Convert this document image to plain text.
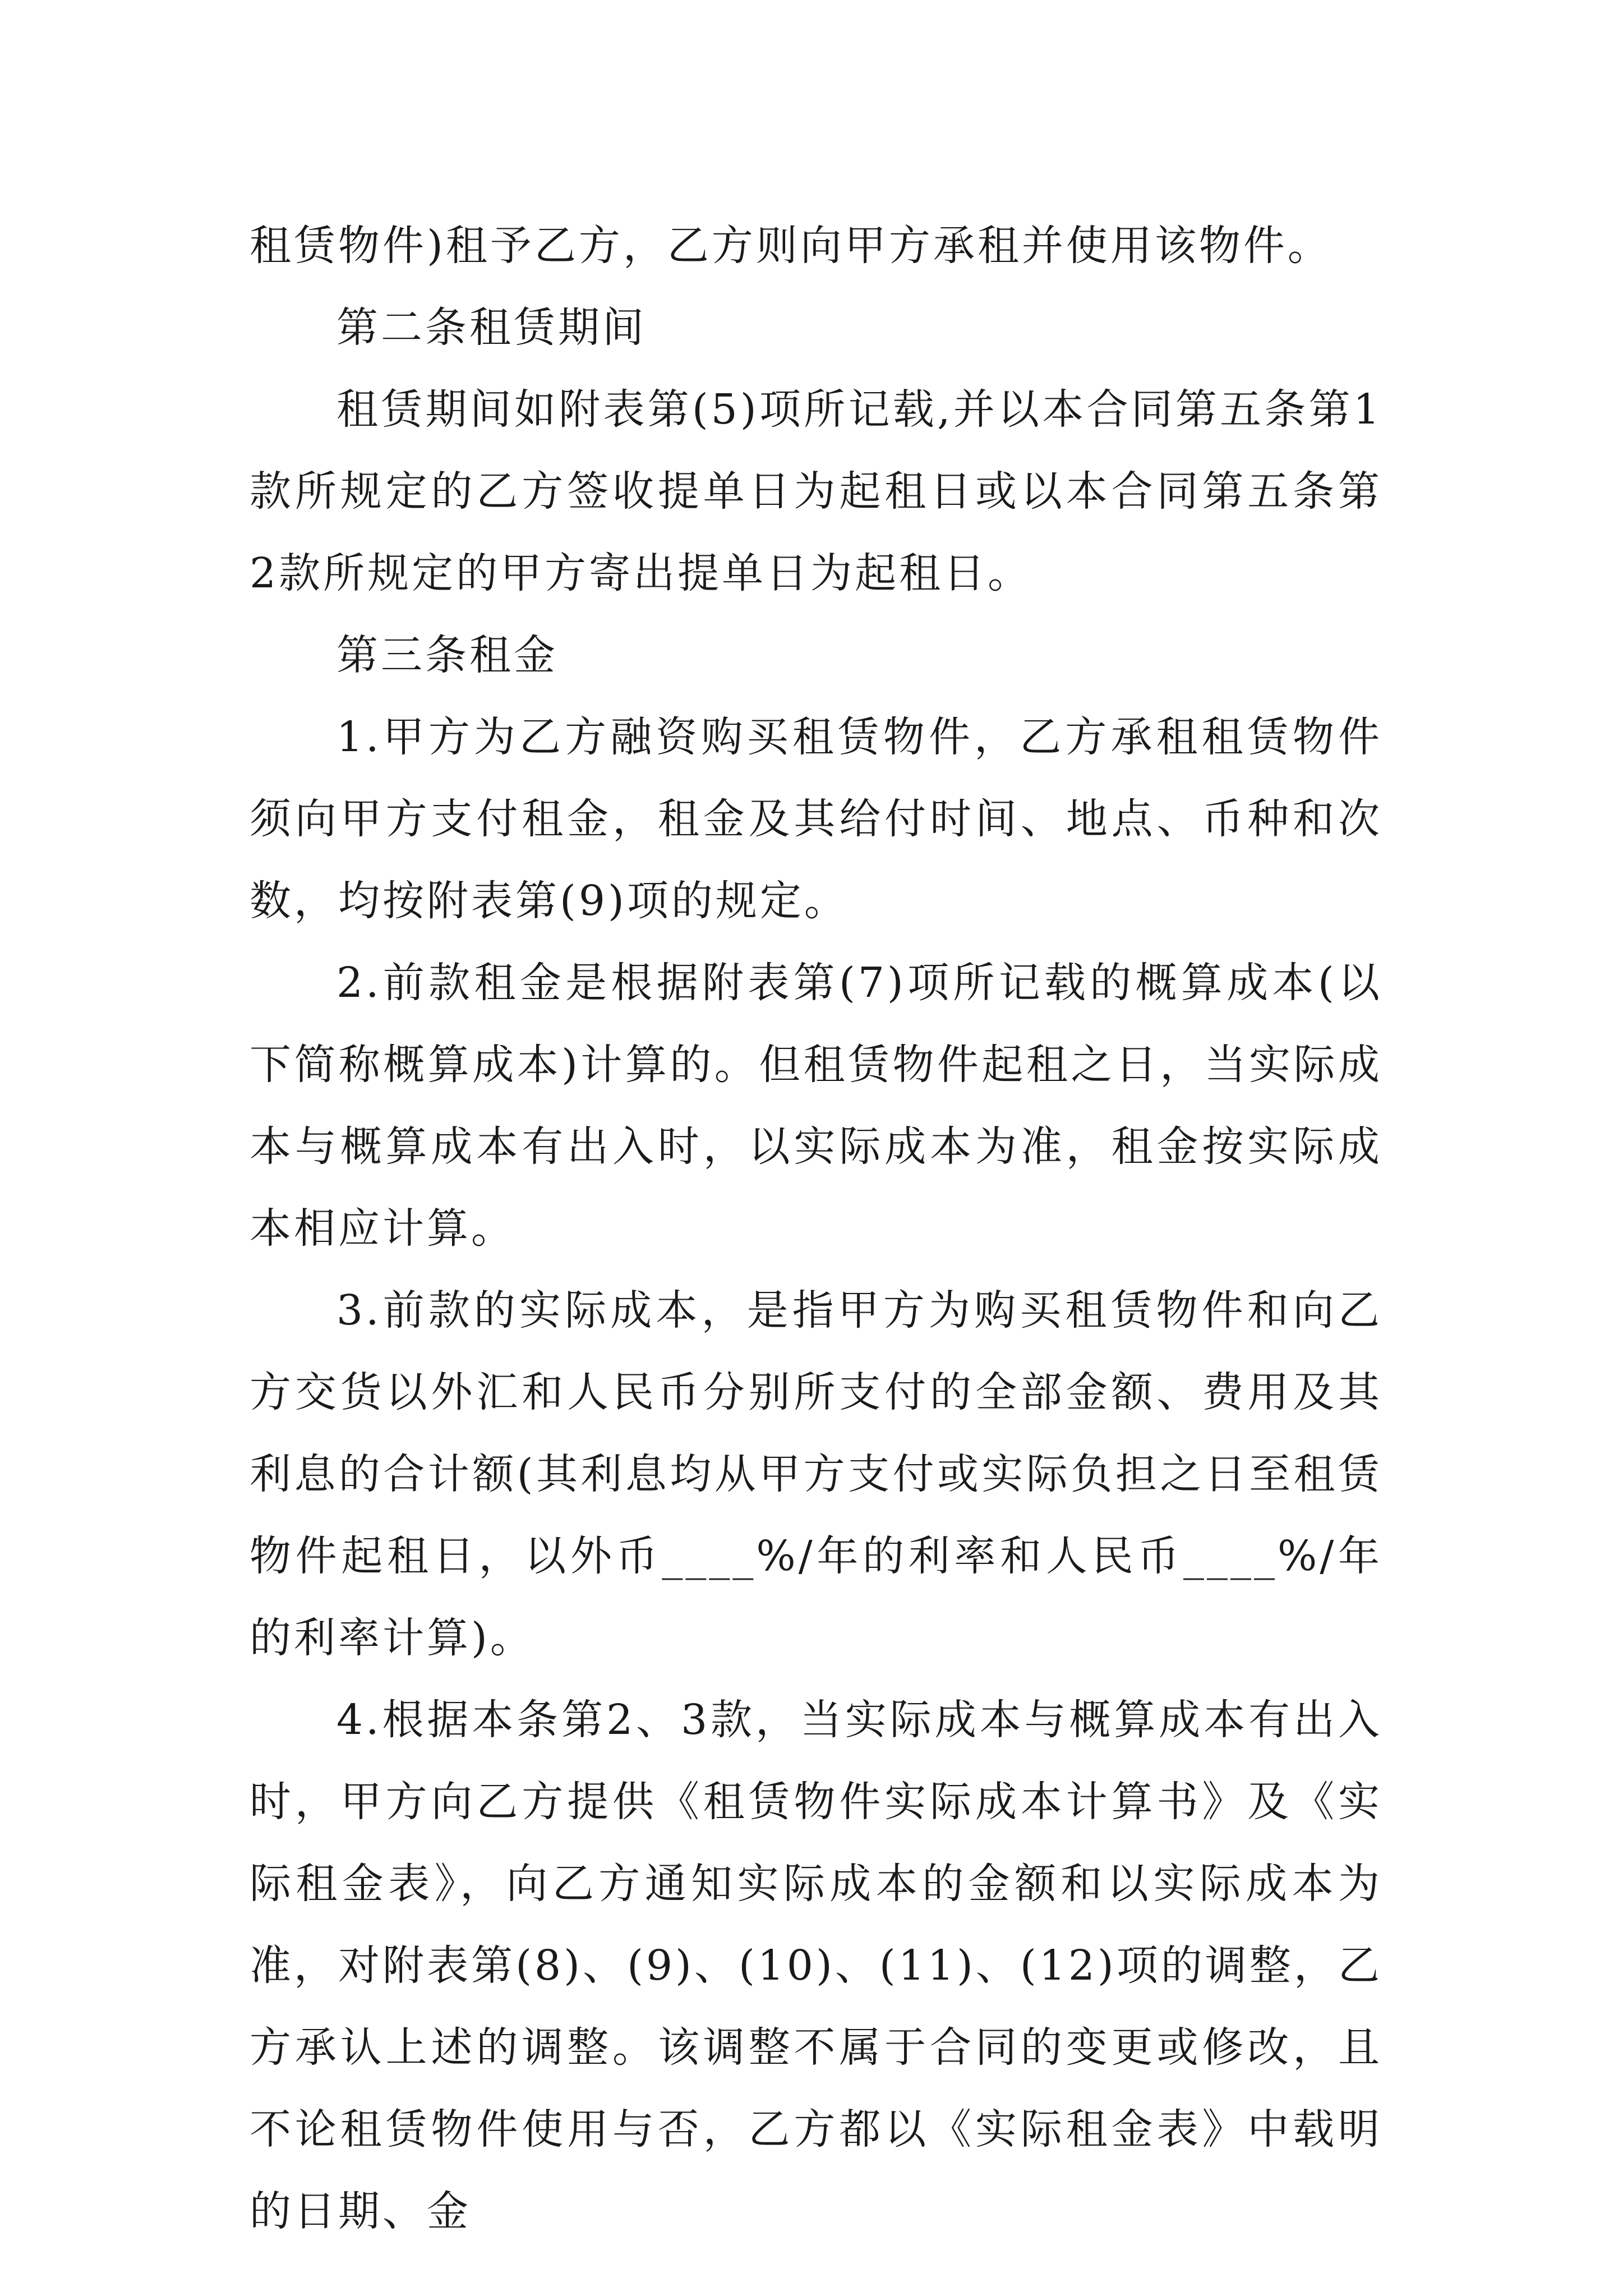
租赁物件)租予乙方，乙方则向甲方承租并使用该物件。

第二条租赁期间

租赁期间如附表第(5)项所记载,并以本合同第五条第1款所规定的乙方签收提单日为起租日或以本合同第五条第2款所规定的甲方寄出提单日为起租日。

第三条租金

1.甲方为乙方融资购买租赁物件，乙方承租租赁物件须向甲方支付租金，租金及其给付时间、地点、币种和次数，均按附表第(9)项的规定。

2.前款租金是根据附表第(7)项所记载的概算成本(以下简称概算成本)计算的。但租赁物件起租之日，当实际成本与概算成本有出入时，以实际成本为准，租金按实际成本相应计算。

3.前款的实际成本，是指甲方为购买租赁物件和向乙方交货以外汇和人民币分别所支付的全部金额、费用及其利息的合计额(其利息均从甲方支付或实际负担之日至租赁物件起租日，以外币____%/年的利率和人民币____%/年的利率计算)。

4.根据本条第2、3款，当实际成本与概算成本有出入时，甲方向乙方提供《租赁物件实际成本计算书》及《实际租金表》，向乙方通知实际成本的金额和以实际成本为准，对附表第(8)、(9)、(10)、(11)、(12)项的调整，乙方承认上述的调整。该调整不属于合同的变更或修改，且不论租赁物件使用与否，乙方都以《实际租金表》中载明的日期、金
